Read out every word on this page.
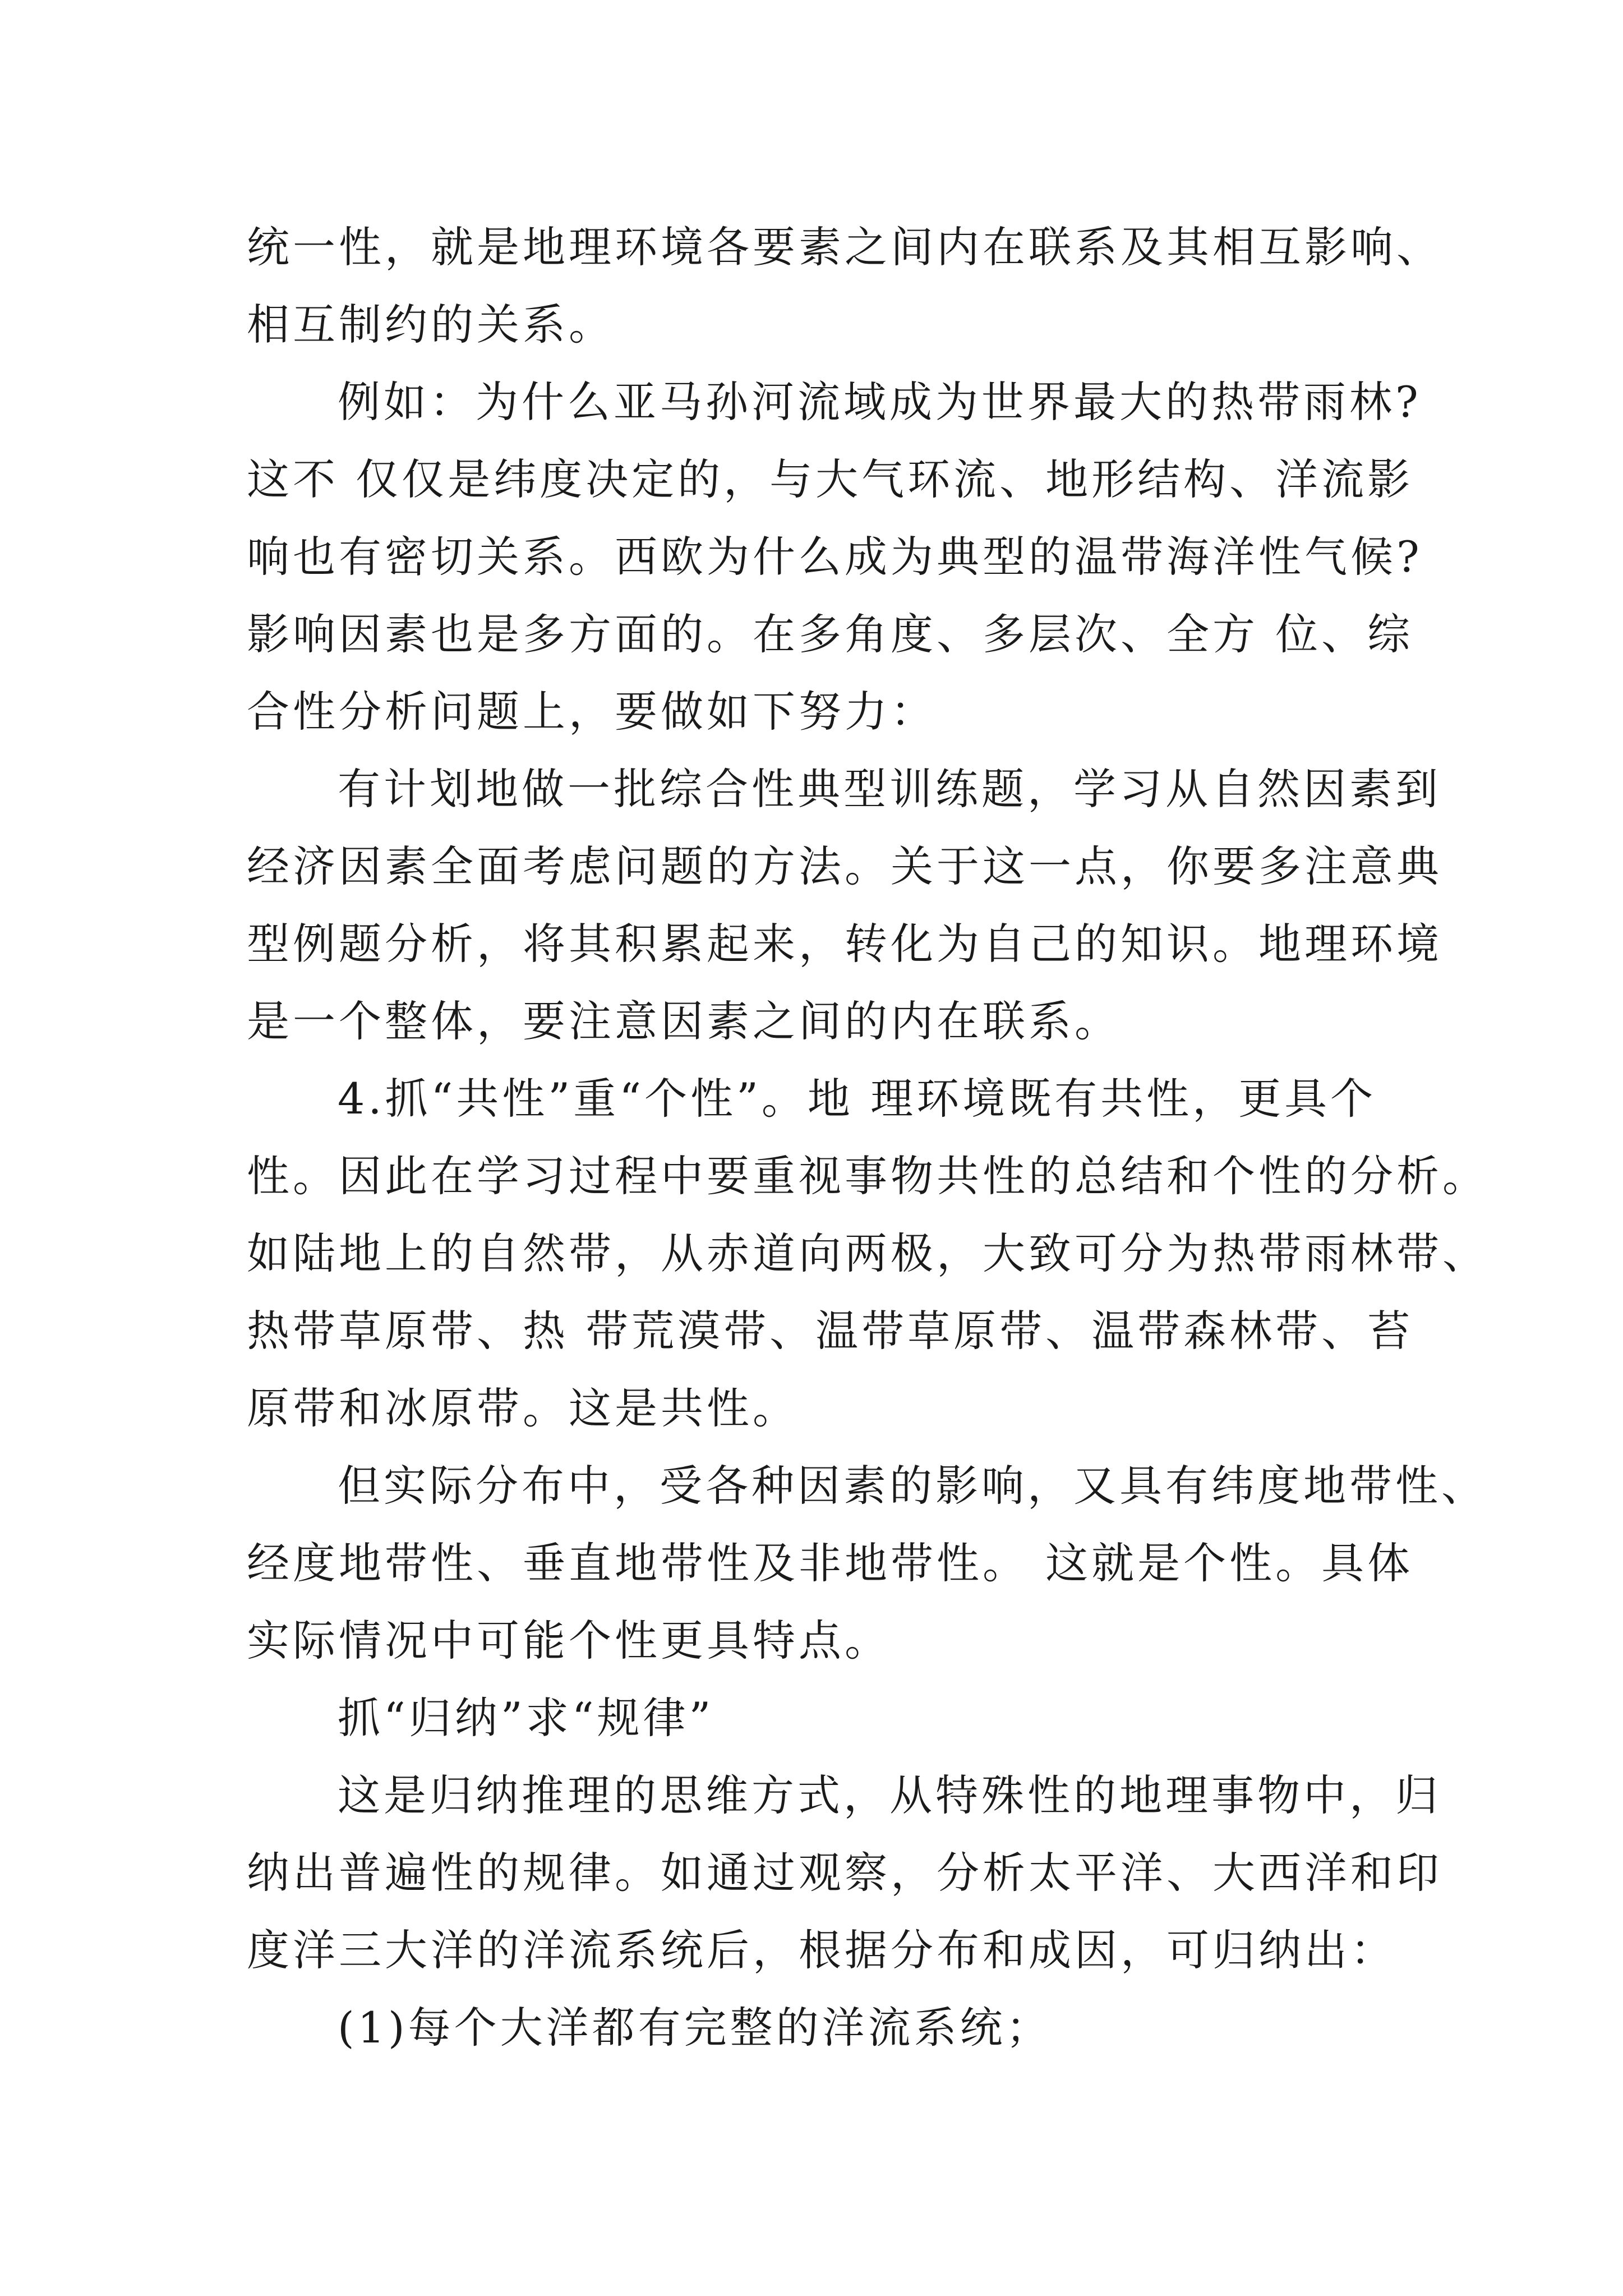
统一性，就是地理环境各要素之间内在联系及其相互影响、
相互制约的关系。

例如：为什么亚马孙河流域成为世界最大的热带雨林?
这不 仅仅是纬度决定的，与大气环流、地形结构、洋流影
响也有密切关系。西欧为什么成为典型的温带海洋性气候?
影响因素也是多方面的。在多角度、多层次、全方 位、综
合性分析问题上，要做如下努力：

有计划地做一批综合性典型训练题，学习从自然因素到
经济因素全面考虑问题的方法。关于这一点，你要多注意典
型例题分析，将其积累起来，转化为自己的知识。地理环境
是一个整体，要注意因素之间的内在联系。

4.抓“共性”重“个性”。地 理环境既有共性，更具个
性。因此在学习过程中要重视事物共性的总结和个性的分析。
如陆地上的自然带，从赤道向两极，大致可分为热带雨林带、
热带草原带、热 带荒漠带、温带草原带、温带森林带、苔
原带和冰原带。这是共性。

但实际分布中，受各种因素的影响，又具有纬度地带性、
经度地带性、垂直地带性及非地带性。 这就是个性。具体
实际情况中可能个性更具特点。

抓“归纳”求“规律”

这是归纳推理的思维方式，从特殊性的地理事物中，归
纳出普遍性的规律。如通过观察，分析太平洋、大西洋和印
度洋三大洋的洋流系统后，根据分布和成因，可归纳出：

(1)每个大洋都有完整的洋流系统；
